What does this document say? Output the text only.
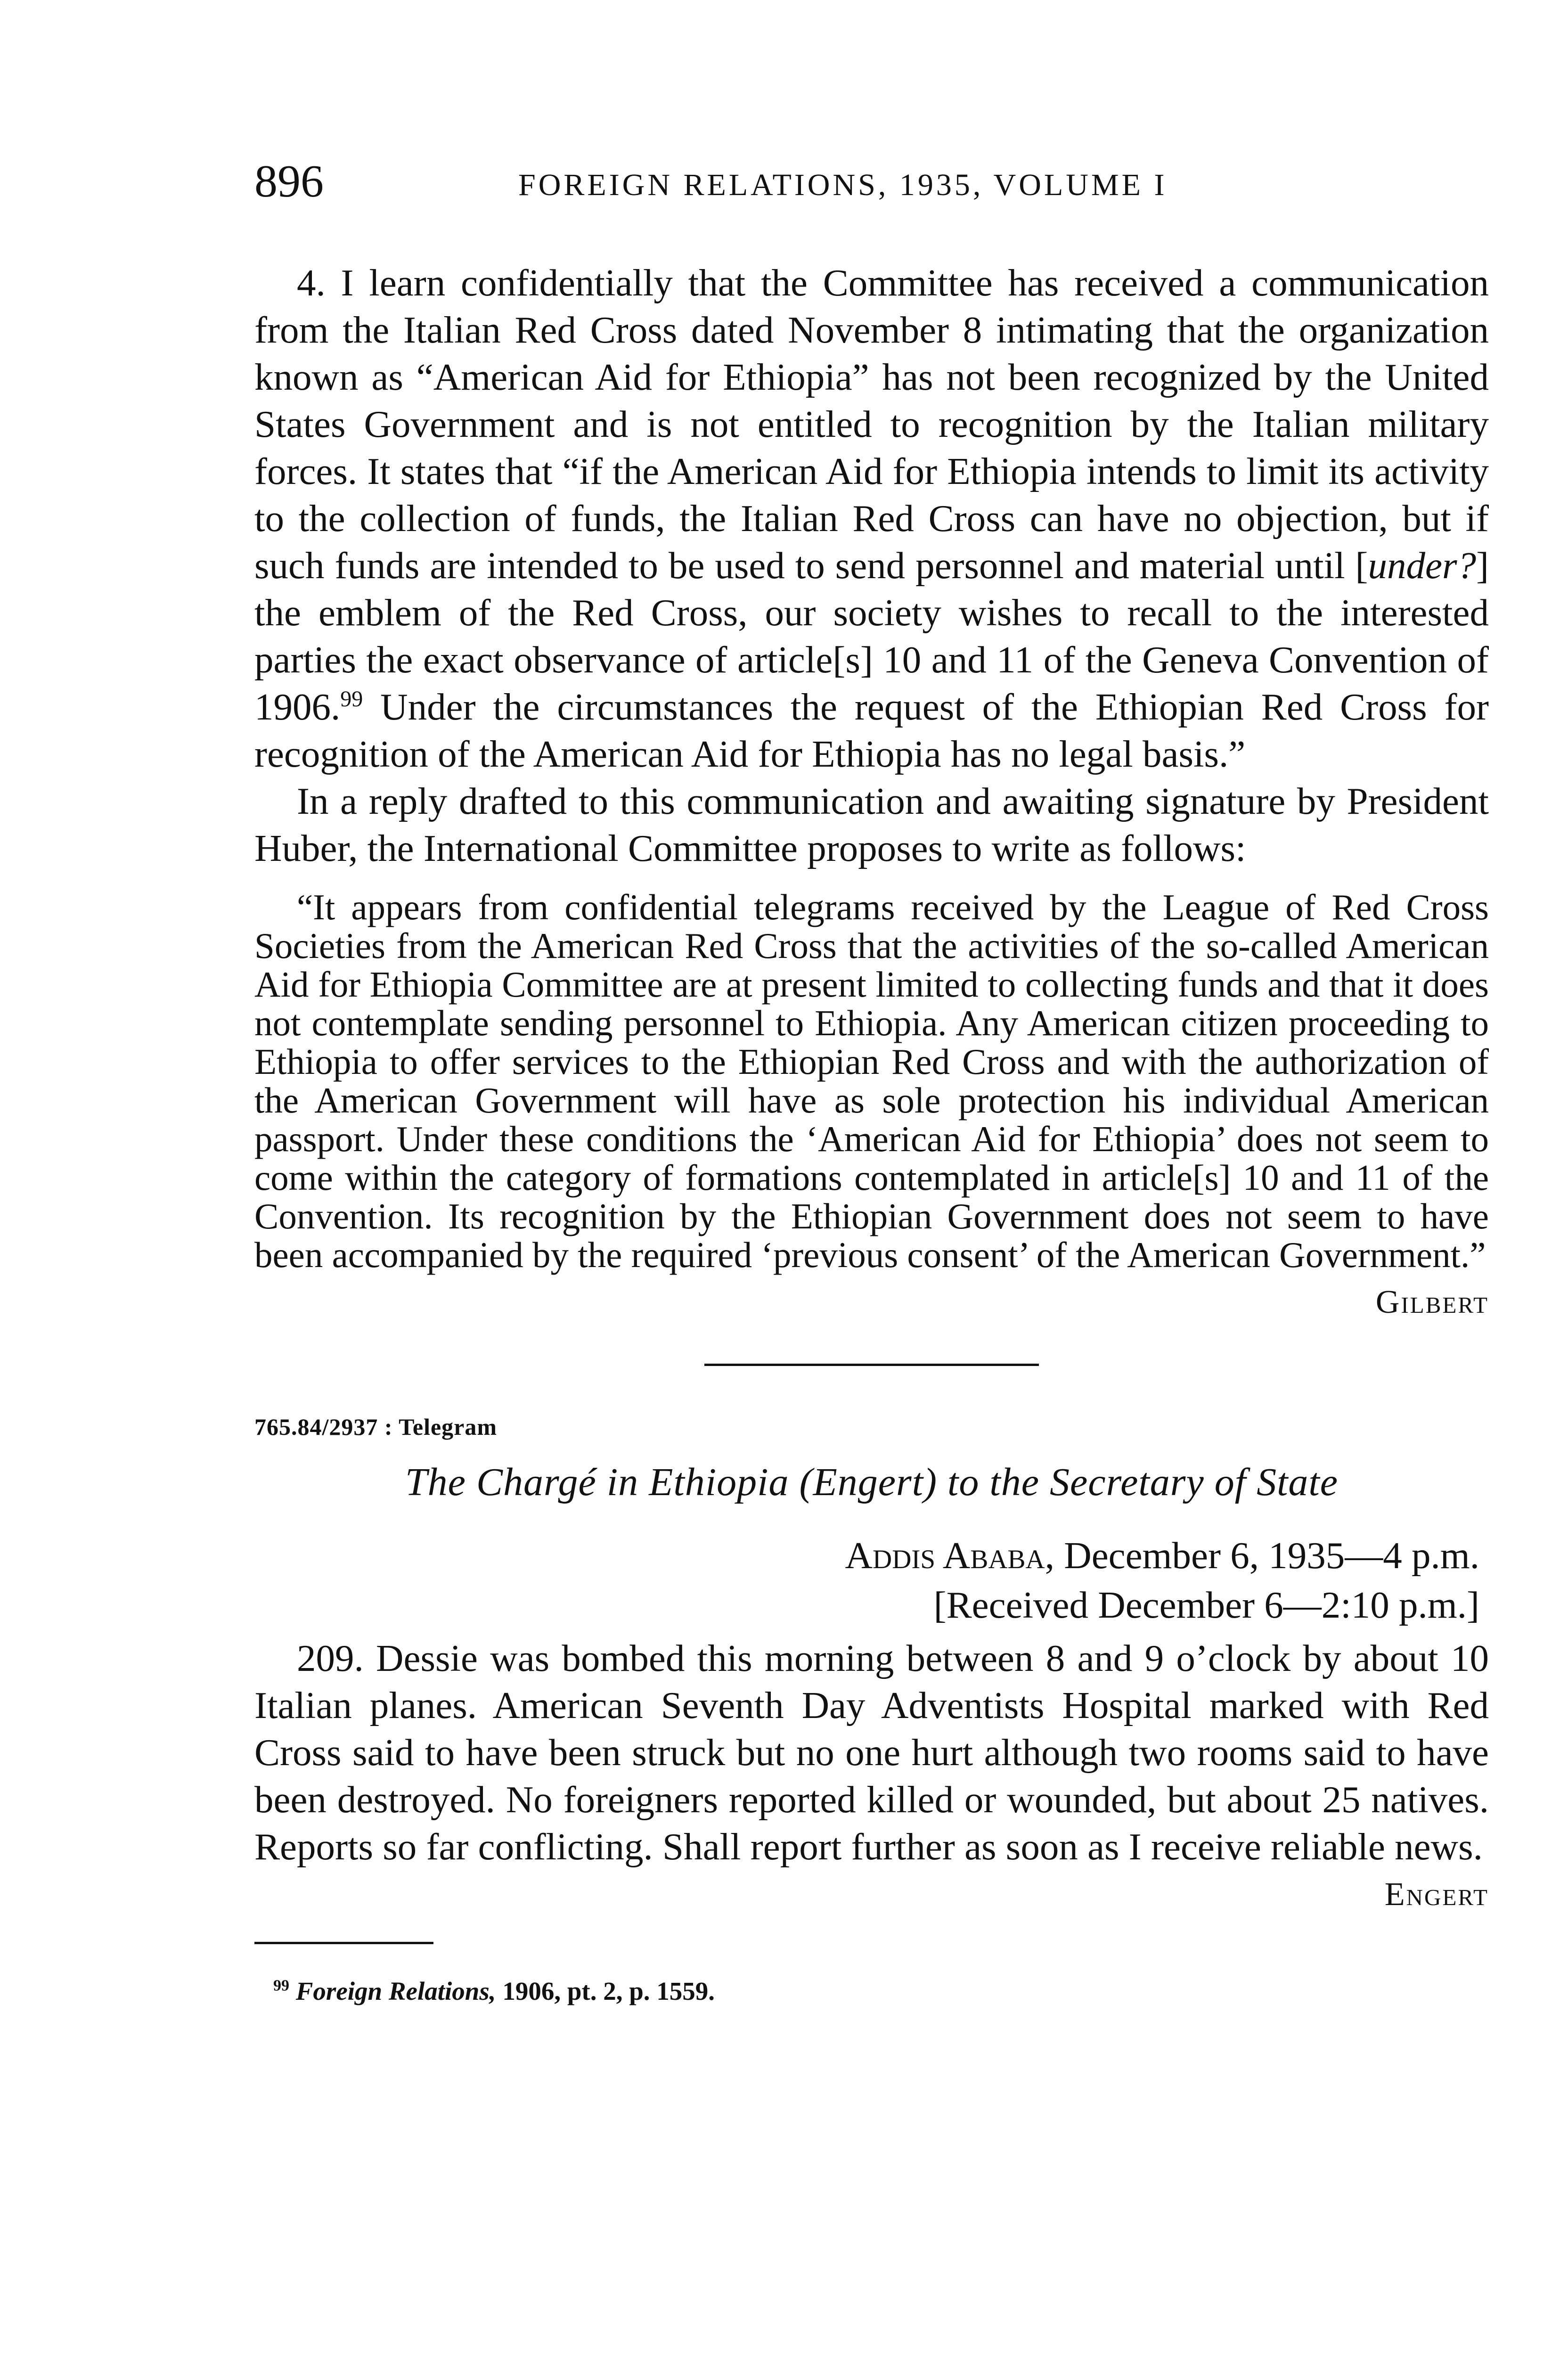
896	FOREIGN RELATIONS, 1935, VOLUME I

4. I learn confidentially that the Committee has received a communication from the Italian Red Cross dated November 8 intimating that the organization known as “American Aid for Ethiopia” has not been recognized by the United States Government and is not entitled to recognition by the Italian military forces. It states that “if the American Aid for Ethiopia intends to limit its activity to the collection of funds, the Italian Red Cross can have no objection, but if such funds are intended to be used to send personnel and material until [under?] the emblem of the Red Cross, our society wishes to recall to the interested parties the exact observance of article[s] 10 and 11 of the Geneva Convention of 1906.99 Under the circumstances the request of the Ethiopian Red Cross for recognition of the American Aid for Ethiopia has no legal basis.”

In a reply drafted to this communication and awaiting signature by President Huber, the International Committee proposes to write as follows:

“It appears from confidential telegrams received by the League of Red Cross Societies from the American Red Cross that the activities of the so-called American Aid for Ethiopia Committee are at present limited to collecting funds and that it does not contemplate sending personnel to Ethiopia. Any American citizen proceeding to Ethiopia to offer services to the Ethiopian Red Cross and with the authorization of the American Government will have as sole protection his individual American passport. Under these conditions the ‘American Aid for Ethiopia’ does not seem to come within the category of formations contemplated in article[s] 10 and 11 of the Convention. Its recognition by the Ethiopian Government does not seem to have been accompanied by the required ‘previous consent’ of the American Government.”

Gilbert
765.84/2937 : Telegram
The Chargé in Ethiopia (Engert) to the Secretary of State
Addis Ababa, December 6, 1935—4 p.m.
[Received December 6—2:10 p.m.]

209. Dessie was bombed this morning between 8 and 9 o’clock by about 10 Italian planes. American Seventh Day Adventists Hospital marked with Red Cross said to have been struck but no one hurt although two rooms said to have been destroyed. No foreigners reported killed or wounded, but about 25 natives. Reports so far conflicting. Shall report further as soon as I receive reliable news.

Engert
$^{99}$ Foreign Relations, 1906, pt. 2, p. 1559.
